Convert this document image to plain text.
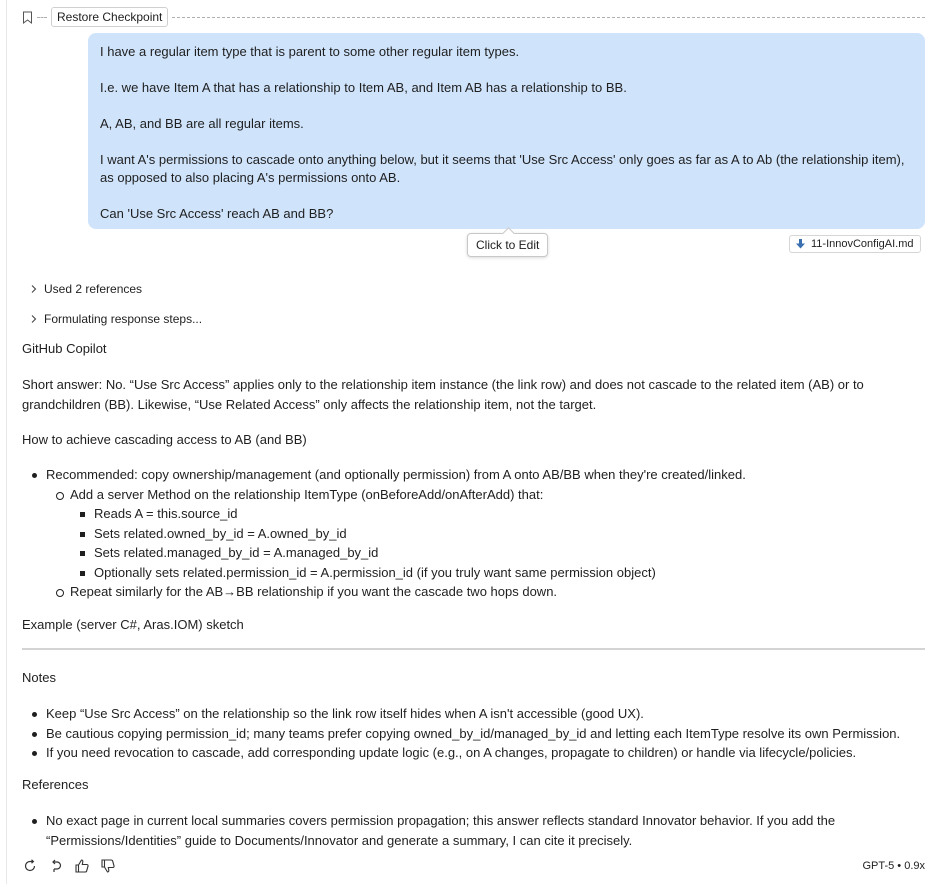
Restore Checkpoint

I have a regular item type that is parent to some other regular item types.

I.e. we have Item A that has a relationship to Item AB, and Item AB has a relationship to BB.

A, AB, and BB are all regular items.

I want A's permissions to cascade onto anything below, but it seems that 'Use Src Access' only goes as far as A to Ab (the relationship item), as opposed to also placing A's permissions onto AB.

Can 'Use Src Access' reach AB and BB?

Click to Edit	11-InnovConfigAI.md
Used 2 references
Formulating response steps...
GitHub Copilot

Short answer: No. “Use Src Access” applies only to the relationship item instance (the link row) and does not cascade to the related item (AB) or to grandchildren (BB). Likewise, “Use Related Access” only affects the relationship item, not the target.

How to achieve cascading access to AB (and BB)

Recommended: copy ownership/management (and optionally permission) from A onto AB/BB when they're created/linked.
Add a server Method on the relationship ItemType (onBeforeAdd/onAfterAdd) that:
Reads A = this.source_id
Sets related.owned_by_id = A.owned_by_id
Sets related.managed_by_id = A.managed_by_id
Optionally sets related.permission_id = A.permission_id (if you truly want same permission object)
Repeat similarly for the AB→BB relationship if you want the cascade two hops down.

Example (server C#, Aras.IOM) sketch

Notes

Keep “Use Src Access” on the relationship so the link row itself hides when A isn't accessible (good UX).
Be cautious copying permission_id; many teams prefer copying owned_by_id/managed_by_id and letting each ItemType resolve its own Permission.
If you need revocation to cascade, add corresponding update logic (e.g., on A changes, propagate to children) or handle via lifecycle/policies.

References

No exact page in current local summaries covers permission propagation; this answer reflects standard Innovator behavior. If you add the “Permissions/Identities” guide to Documents/Innovator and generate a summary, I can cite it precisely.
GPT-5 • 0.9x
